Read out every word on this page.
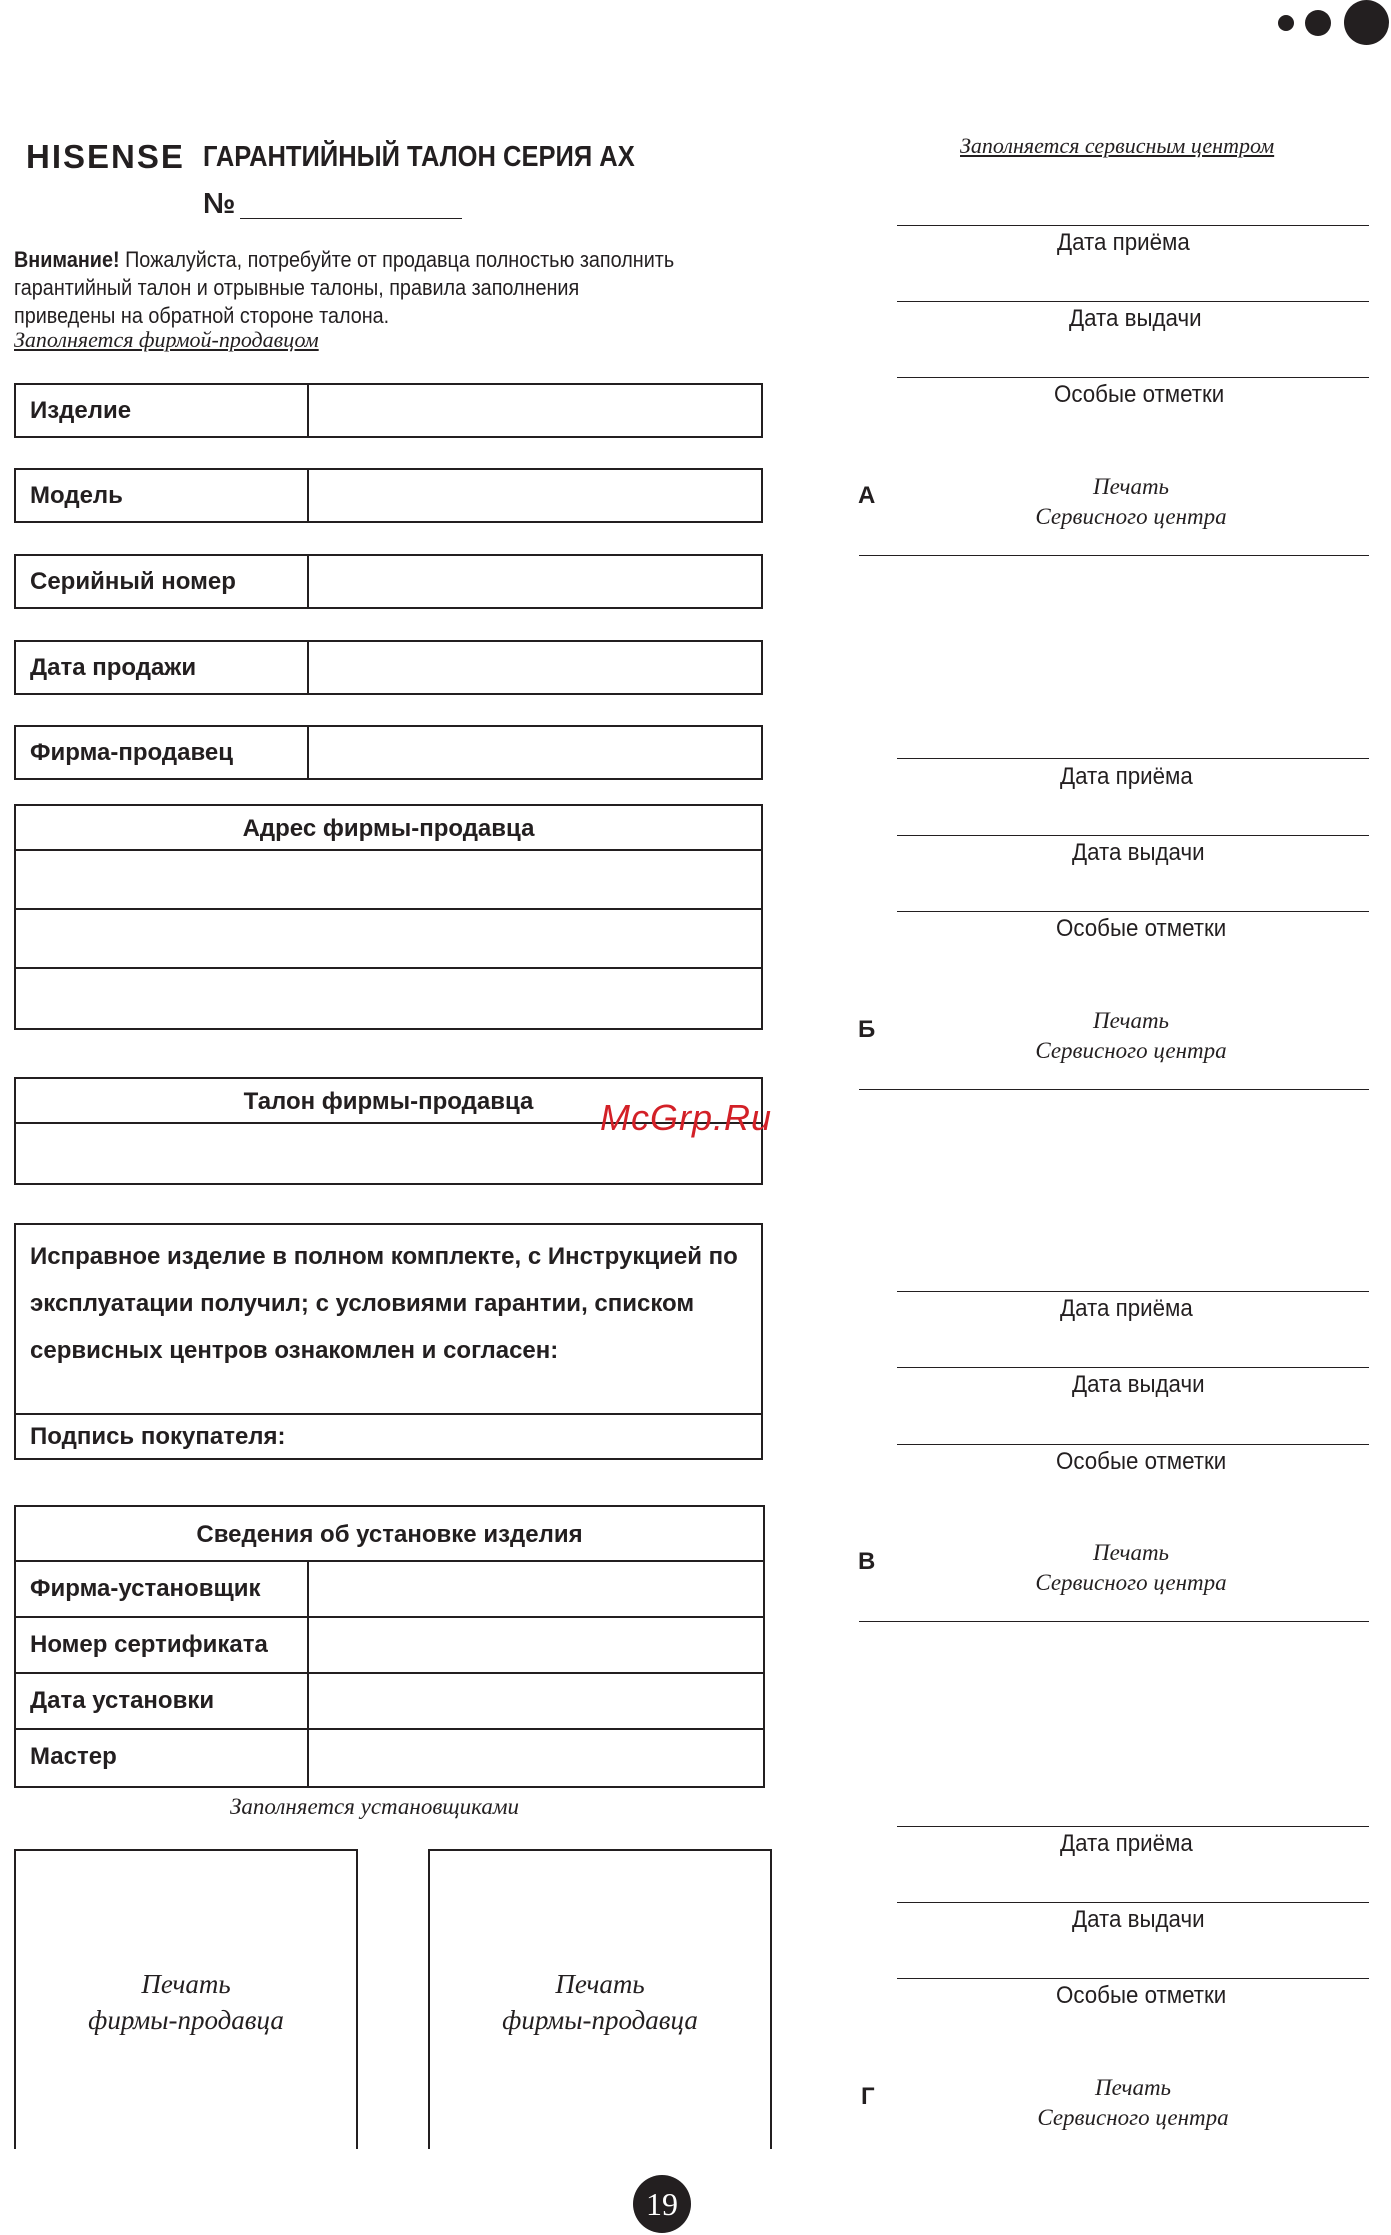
HISENSE ГАРАНТИЙНЫЙ ТАЛОН СЕРИЯ АХ
№
Внимание! Пожалуйста, потребуйте от продавца полностью заполнить гарантийный талон и отрывные талоны, правила заполнения приведены на обратной стороне талона.
Заполняется фирмой-продавцом
Изделие
Модель
Серийный номер
Дата продажи
Фирма-продавец
Адрес фирмы-продавца
Талон фирмы-продавца
Исправное изделие в полном комплекте, с Инструкцией по эксплуатации получил; с условиями гарантии, списком сервисных центров ознакомлен и согласен:
Подпись покупателя:
Сведения об установке изделия
Фирма-установщик
Номер сертификата
Дата установки
Мастер
Заполняется установщиками
Печать
фирмы-продавца
Печать
фирмы-продавца
Заполняется сервисным центром
Дата приёма
Дата выдачи
Особые отметки
А	Печать
Сервисного центра
Дата приёма
Дата выдачи
Особые отметки
Б	Печать
Сервисного центра
Дата приёма
Дата выдачи
Особые отметки
В	Печать
Сервисного центра
Дата приёма
Дата выдачи
Особые отметки
Г	Печать
Сервисного центра
McGrp.Ru
19
